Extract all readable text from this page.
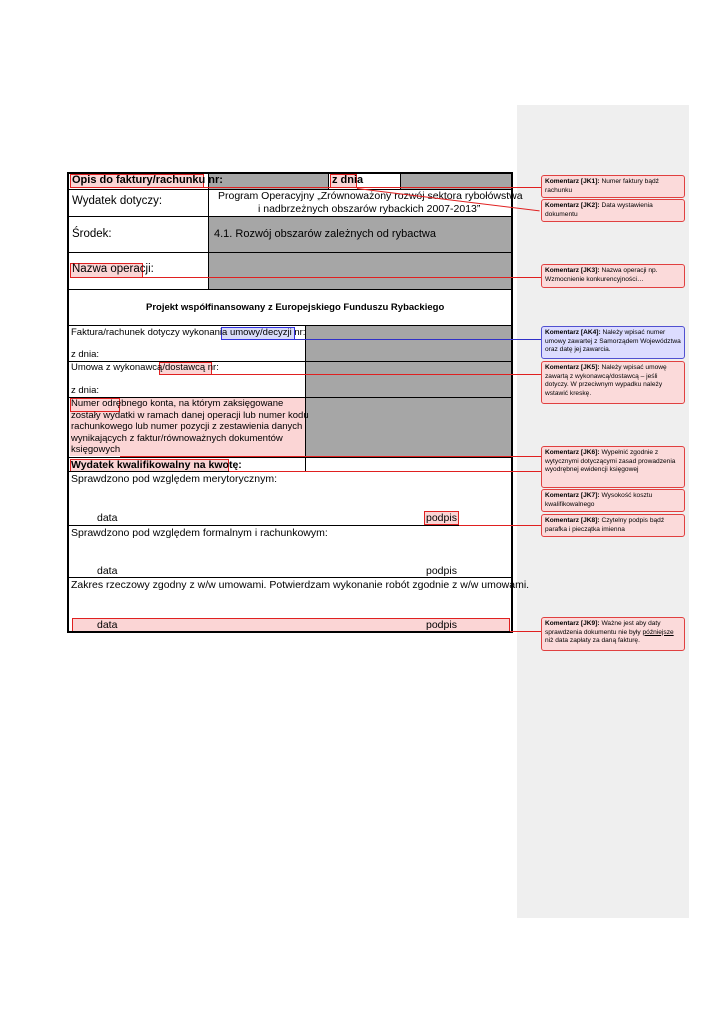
Opis do faktury/rachunku nr:	z dnia
Wydatek dotyczy:	Program Operacyjny „Zrównoważony rozwój sektora rybołówstwa
i nadbrzeżnych obszarów rybackich 2007-2013”
Środek:	4.1. Rozwój obszarów zależnych od rybactwa
Nazwa operacji:
Projekt współfinansowany z Europejskiego Funduszu Rybackiego
Faktura/rachunek dotyczy wykonania umowy/decyzji nr:
z dnia:
Umowa z wykonawcą/dostawcą nr:
z dnia:
Numer odrębnego konta, na którym zaksięgowane
zostały wydatki w ramach danej operacji lub numer kodu
rachunkowego lub numer pozycji z zestawienia danych
wynikających z faktur/równoważnych dokumentów
księgowych
Wydatek kwalifikowalny na kwotę:
Sprawdzono pod względem merytorycznym:
data	podpis
Sprawdzono pod względem formalnym i rachunkowym:
data	podpis
Zakres rzeczowy zgodny z w/w umowami. Potwierdzam wykonanie robót zgodnie z w/w umowami.
data	podpis
Komentarz [JK1]: Numer faktury bądź rachunku
Komentarz [JK2]: Data wystawienia dokumentu
Komentarz [JK3]: Nazwa operacji np. Wzmocnienie konkurencyjności…
Komentarz [AK4]: Należy wpisać numer umowy zawartej z Samorządem Województwa oraz datę jej zawarcia.
Komentarz [JK5]: Należy wpisać umowę zawartą z wykonawcą/dostawcą – jeśli dotyczy. W przeciwnym wypadku należy wstawić kreskę.
Komentarz [JK6]: Wypełnić zgodnie z wytycznymi dotyczącymi zasad prowadzenia wyodrębnej ewidencji księgowej
Komentarz [JK7]: Wysokość kosztu kwalifikowalnego
Komentarz [JK8]: Czytelny podpis bądź parafka i pieczątka imienna
Komentarz [JK9]: Ważne jest aby daty sprawdzenia dokumentu nie były późniejsze niż data zapłaty za daną fakturę.
